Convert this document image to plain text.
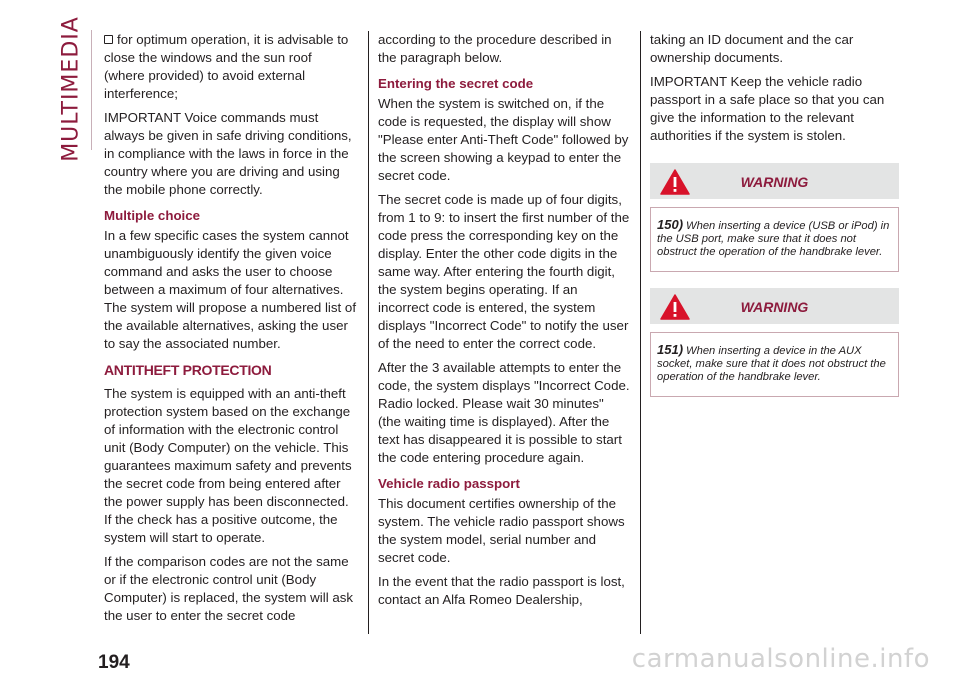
MULTIMEDIA	for optimum operation, it is advisable to close the windows and the sun roof (where provided) to avoid external interference;

IMPORTANT Voice commands must always be given in safe driving conditions, in compliance with the laws in force in the country where you are driving and using the mobile phone correctly.

Multiple choice

In a few specific cases the system cannot unambiguously identify the given voice command and asks the user to choose between a maximum of four alternatives. The system will propose a numbered list of the available alternatives, asking the user to say the associated number.

ANTITHEFT PROTECTION

The system is equipped with an anti-theft protection system based on the exchange of information with the electronic control unit (Body Computer) on the vehicle. This guarantees maximum safety and prevents the secret code from being entered after the power supply has been disconnected. If the check has a positive outcome, the system will start to operate.

If the comparison codes are not the same or if the electronic control unit (Body Computer) is replaced, the system will ask the user to enter the secret code

according to the procedure described in the paragraph below.

Entering the secret code

When the system is switched on, if the code is requested, the display will show "Please enter Anti-Theft Code" followed by the screen showing a keypad to enter the secret code.

The secret code is made up of four digits, from 1 to 9: to insert the first number of the code press the corresponding key on the display. Enter the other code digits in the same way. After entering the fourth digit, the system begins operating. If an incorrect code is entered, the system displays "Incorrect Code" to notify the user of the need to enter the correct code.

After the 3 available attempts to enter the code, the system displays "Incorrect Code. Radio locked. Please wait 30 minutes" (the waiting time is displayed). After the text has disappeared it is possible to start the code entering procedure again.

Vehicle radio passport

This document certifies ownership of the system. The vehicle radio passport shows the system model, serial number and secret code.

In the event that the radio passport is lost, contact an Alfa Romeo Dealership,

taking an ID document and the car ownership documents.

IMPORTANT Keep the vehicle radio passport in a safe place so that you can give the information to the relevant authorities if the system is stolen.

WARNING
150) When inserting a device (USB or iPod) in the USB port, make sure that it does not obstruct the operation of the handbrake lever.
WARNING
151) When inserting a device in the AUX socket, make sure that it does not obstruct the operation of the handbrake lever.
194	carmanualsonline.info
